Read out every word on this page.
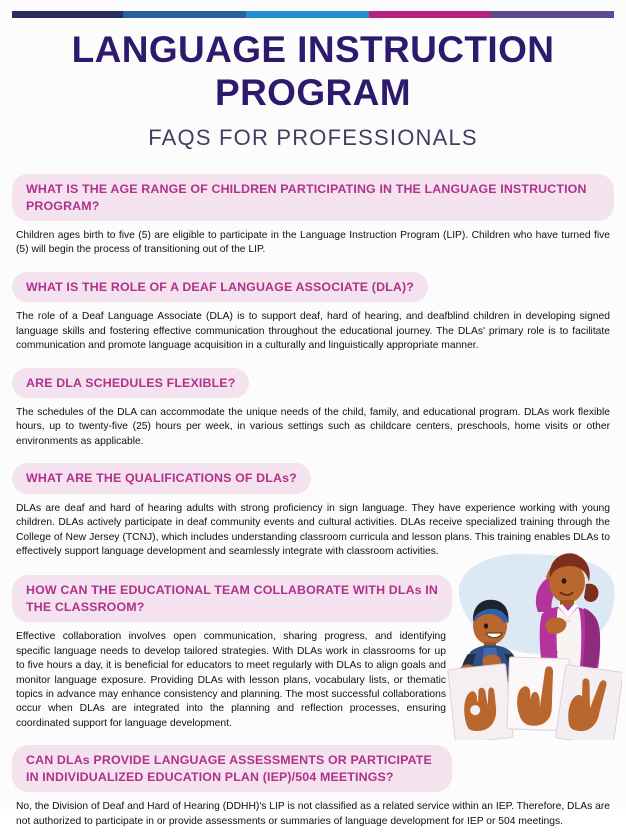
LANGUAGE INSTRUCTION PROGRAM
FAQS FOR PROFESSIONALS
WHAT IS THE AGE RANGE OF CHILDREN PARTICIPATING IN THE LANGUAGE INSTRUCTION PROGRAM?
Children ages birth to five (5) are eligible to participate in the Language Instruction Program (LIP). Children who have turned five (5) will begin the process of transitioning out of the LIP.
WHAT IS THE ROLE OF A DEAF LANGUAGE ASSOCIATE (DLA)?
The role of a Deaf Language Associate (DLA) is to support deaf, hard of hearing, and deafblind children in developing signed language skills and fostering effective communication throughout the educational journey. The DLAs' primary role is to facilitate communication and promote language acquisition in a culturally and linguistically appropriate manner.
ARE DLA SCHEDULES FLEXIBLE?
The schedules of the DLA can accommodate the unique needs of the child, family, and educational program. DLAs work flexible hours, up to twenty-five (25) hours per week, in various settings such as childcare centers, preschools, home visits or other environments as applicable.
WHAT ARE THE QUALIFICATIONS OF DLAs?
DLAs are deaf and hard of hearing adults with strong proficiency in sign language. They have experience working with young children. DLAs actively participate in deaf community events and cultural activities. DLAs receive specialized training through the College of New Jersey (TCNJ), which includes understanding classroom curricula and lesson plans. This training enables DLAs to effectively support language development and seamlessly integrate with classroom activities.
HOW CAN THE EDUCATIONAL TEAM COLLABORATE WITH DLAs IN THE CLASSROOM?
Effective collaboration involves open communication, sharing progress, and identifying specific language needs to develop tailored strategies. With DLAs work in classrooms for up to five hours a day, it is beneficial for educators to meet regularly with DLAs to align goals and monitor language exposure. Providing DLAs with lesson plans, vocabulary lists, or thematic topics in advance may enhance consistency and planning. The most successful collaborations occur when DLAs are integrated into the planning and reflection processes, ensuring coordinated support for language development.
CAN DLAs PROVIDE LANGUAGE ASSESSMENTS OR PARTICIPATE IN INDIVIDUALIZED EDUCATION PLAN (IEP)/504 MEETINGS?
No, the Division of Deaf and Hard of Hearing (DDHH)'s LIP is not classified as a related service within an IEP. Therefore, DLAs are not authorized to participate in or provide assessments or summaries of language development for IEP or 504 meetings.
